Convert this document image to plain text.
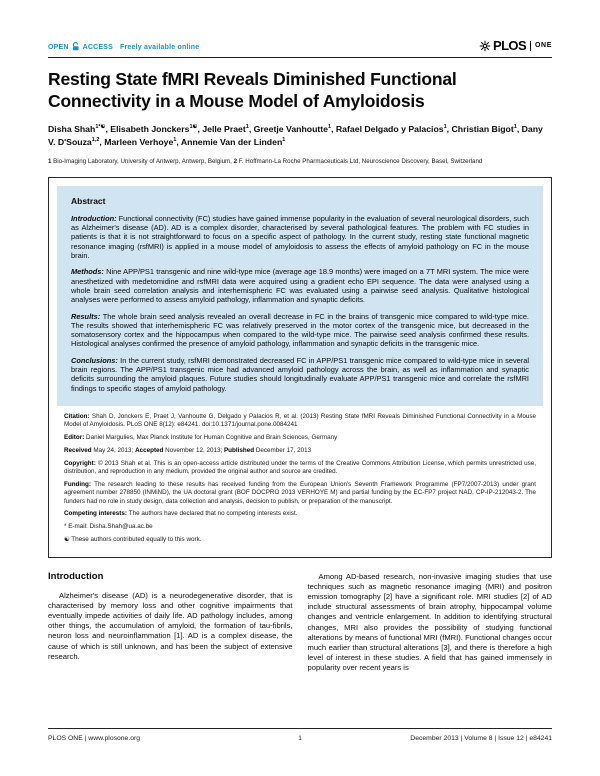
OPEN ACCESS Freely available online	PLOS ONE
Resting State fMRI Reveals Diminished Functional Connectivity in a Mouse Model of Amyloidosis
Disha Shah$^{1*☯}$, Elisabeth Jonckers$^{1☯}$, Jelle Praet$^1$, Greetje Vanhoutte$^1$, Rafael Delgado y Palacios$^1$, Christian Bigot$^1$, Dany V. D'Souza$^{1,2}$, Marleen Verhoye$^1$, Annemie Van der Linden$^1$
1 Bio-Imaging Laboratory, University of Antwerp, Antwerp, Belgium, 2 F. Hoffmann-La Roche Pharmaceuticals Ltd, Neuroscience Discovery, Basel, Switzerland
Abstract

Introduction: Functional connectivity (FC) studies have gained immense popularity in the evaluation of several neurological disorders, such as Alzheimer's disease (AD). AD is a complex disorder, characterised by several pathological features. The problem with FC studies in patients is that it is not straightforward to focus on a specific aspect of pathology. In the current study, resting state functional magnetic resonance imaging (rsfMRI) is applied in a mouse model of amyloidosis to assess the effects of amyloid pathology on FC in the mouse brain.

Methods: Nine APP/PS1 transgenic and nine wild-type mice (average age 18.9 months) were imaged on a 7T MRI system. The mice were anesthetized with medetomidine and rsfMRI data were acquired using a gradient echo EPI sequence. The data were analysed using a whole brain seed correlation analysis and interhemispheric FC was evaluated using a pairwise seed analysis. Qualitative histological analyses were performed to assess amyloid pathology, inflammation and synaptic deficits.

Results: The whole brain seed analysis revealed an overall decrease in FC in the brains of transgenic mice compared to wild-type mice. The results showed that interhemispheric FC was relatively preserved in the motor cortex of the transgenic mice, but decreased in the somatosensory cortex and the hippocampus when compared to the wild-type mice. The pairwise seed analysis confirmed these results. Histological analyses confirmed the presence of amyloid pathology, inflammation and synaptic deficits in the transgenic mice.

Conclusions: In the current study, rsfMRI demonstrated decreased FC in APP/PS1 transgenic mice compared to wild-type mice in several brain regions. The APP/PS1 transgenic mice had advanced amyloid pathology across the brain, as well as inflammation and synaptic deficits surrounding the amyloid plaques. Future studies should longitudinally evaluate APP/PS1 transgenic mice and correlate the rsfMRI findings to specific stages of amyloid pathology.

Citation: Shah D, Jonckers E, Praet J, Vanhoutte G, Delgado y Palacios R, et al. (2013) Resting State fMRI Reveals Diminished Functional Connectivity in a Mouse Model of Amyloidosis. PLoS ONE 8(12): e84241. doi:10.1371/journal.pone.0084241

Editor: Daniel Margulies, Max Planck Institute for Human Cognitive and Brain Sciences, Germany

Received May 24, 2013; Accepted November 12, 2013; Published December 17, 2013

Copyright: © 2013 Shah et al. This is an open-access article distributed under the terms of the Creative Commons Attribution License, which permits unrestricted use, distribution, and reproduction in any medium, provided the original author and source are credited.

Funding: The research leading to these results has received funding from the European Union's Seventh Framework Programme (FP7/2007-2013) under grant agreement number 278850 (INMiND), the UA doctoral grant (BOF DOCPRO 2013 VERHOYE M) and partial funding by the EC-FP7 project NAD, CP-IP-212043-2. The funders had no role in study design, data collection and analysis, decision to publish, or preparation of the manuscript.

Competing interests: The authors have declared that no competing interests exist.

* E-mail: Disha.Shah@ua.ac.be

☯ These authors contributed equally to this work.

Introduction

Alzheimer's disease (AD) is a neurodegenerative disorder, that is characterised by memory loss and other cognitive impairments that eventually impede activities of daily life. AD pathology includes, among other things, the accumulation of amyloid, the formation of tau-fibrils, neuron loss and neuroinflammation [1]. AD is a complex disease, the cause of which is still unknown, and has been the subject of extensive research.

Among AD-based research, non-invasive imaging studies that use techniques such as magnetic resonance imaging (MRI) and positron emission tomography [2] have a significant role. MRI studies [2] of AD include structural assessments of brain atrophy, hippocampal volume changes and ventricle enlargement. In addition to identifying structural changes, MRI also provides the possibility of studying functional alterations by means of functional MRI (fMRI). Functional changes occur much earlier than structural alterations [3], and there is therefore a high level of interest in these studies. A field that has gained immensely in popularity over recent years is

PLOS ONE | www.plosone.org	1	December 2013 | Volume 8 | Issue 12 | e84241
